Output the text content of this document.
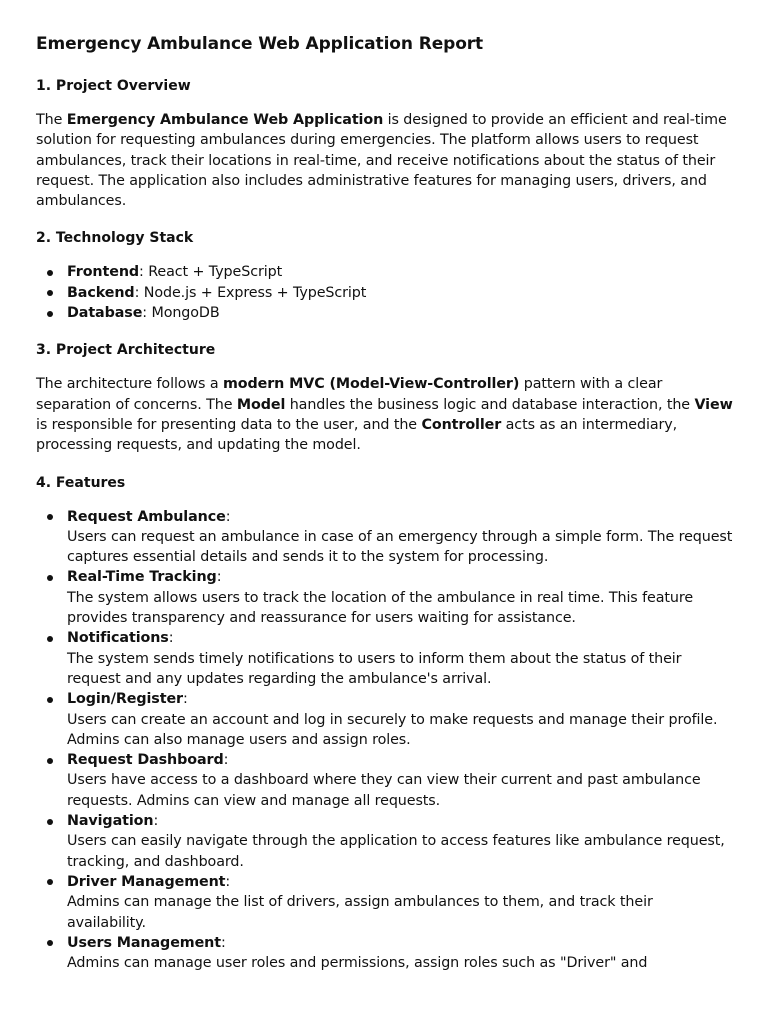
Emergency Ambulance Web Application Report
1. Project Overview

The Emergency Ambulance Web Application is designed to provide an efficient and real-time solution for requesting ambulances during emergencies. The platform allows users to request ambulances, track their locations in real-time, and receive notifications about the status of their request. The application also includes administrative features for managing users, drivers, and ambulances.

2. Technology Stack
Frontend: React + TypeScript
Backend: Node.js + Express + TypeScript
Database: MongoDB
3. Project Architecture

The architecture follows a modern MVC (Model-View-Controller) pattern with a clear separation of concerns. The Model handles the business logic and database interaction, the View is responsible for presenting data to the user, and the Controller acts as an intermediary, processing requests, and updating the model.

4. Features
Request Ambulance:
Users can request an ambulance in case of an emergency through a simple form. The request captures essential details and sends it to the system for processing.
Real-Time Tracking:
The system allows users to track the location of the ambulance in real time. This feature provides transparency and reassurance for users waiting for assistance.
Notifications:
The system sends timely notifications to users to inform them about the status of their request and any updates regarding the ambulance's arrival.
Login/Register:
Users can create an account and log in securely to make requests and manage their profile. Admins can also manage users and assign roles.
Request Dashboard:
Users have access to a dashboard where they can view their current and past ambulance requests. Admins can view and manage all requests.
Navigation:
Users can easily navigate through the application to access features like ambulance request, tracking, and dashboard.
Driver Management:
Admins can manage the list of drivers, assign ambulances to them, and track their availability.
Users Management:
Admins can manage user roles and permissions, assign roles such as "Driver" and
